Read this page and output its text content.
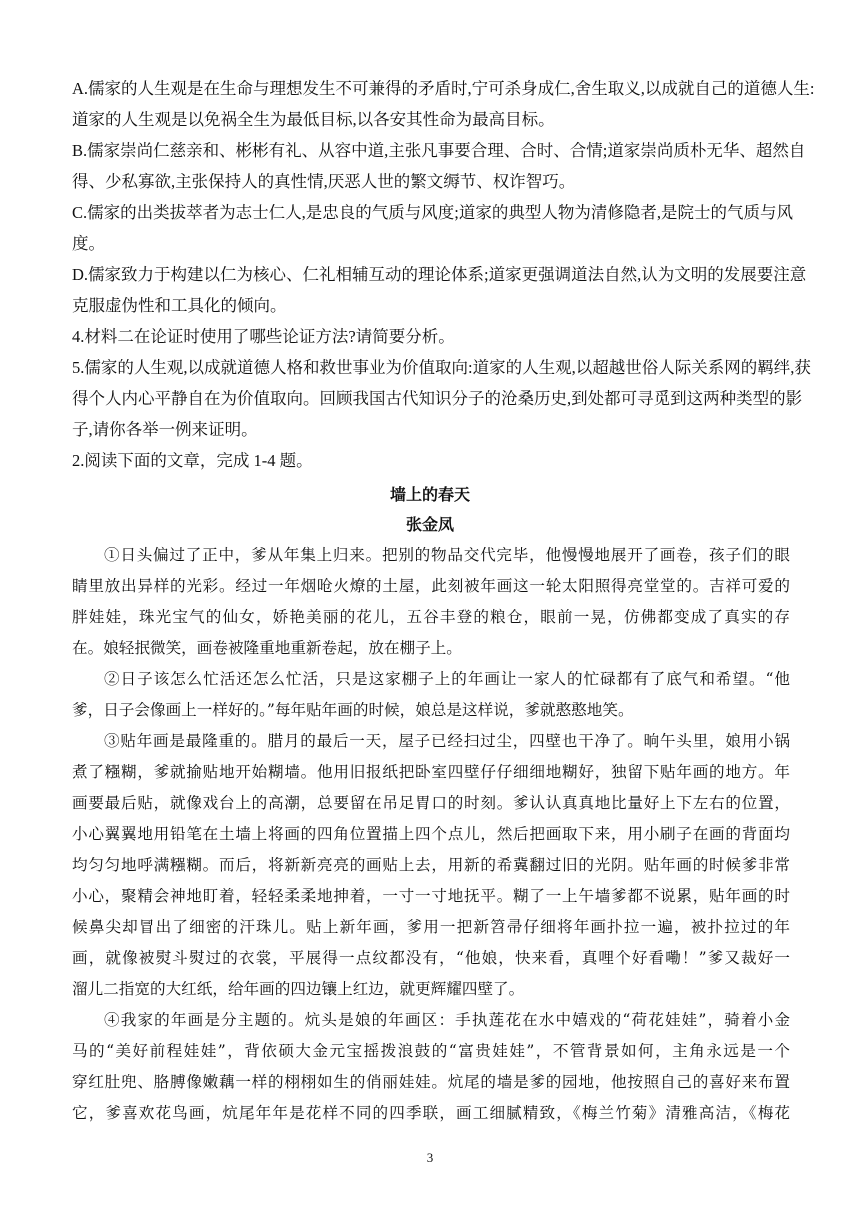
A.儒家的人生观是在生命与理想发生不可兼得的矛盾时,宁可杀身成仁,舍生取义,以成就自己的道德人生:
道家的人生观是以免祸全生为最低目标,以各安其性命为最高目标。
B.儒家崇尚仁慈亲和、彬彬有礼、从容中道,主张凡事要合理、合时、合情;道家崇尚质朴无华、超然自
得、少私寡欲,主张保持人的真性情,厌恶人世的繁文缛节、权诈智巧。
C.儒家的出类拔萃者为志士仁人,是忠良的气质与风度;道家的典型人物为清修隐者,是院士的气质与风
度。
D.儒家致力于构建以仁为核心、仁礼相辅互动的理论体系;道家更强调道法自然,认为文明的发展要注意
克服虚伪性和工具化的倾向。
4.材料二在论证时使用了哪些论证方法?请简要分析。
5.儒家的人生观,以成就道德人格和救世事业为价值取向:道家的人生观,以超越世俗人际关系网的羁绊,获
得个人内心平静自在为价值取向。回顾我国古代知识分子的沧桑历史,到处都可寻觅到这两种类型的影
子,请你各举一例来证明。
2.阅读下面的文章，完成 1-4 题。
墙上的春天
张金凤
①日头偏过了正中，爹从年集上归来。把别的物品交代完毕，他慢慢地展开了画卷，孩子们的眼
睛里放出异样的光彩。经过一年烟呛火燎的土屋，此刻被年画这一轮太阳照得亮堂堂的。吉祥可爱的
胖娃娃，珠光宝气的仙女，娇艳美丽的花儿，五谷丰登的粮仓，眼前一晃，仿佛都变成了真实的存
在。娘轻抿微笑，画卷被隆重地重新卷起，放在棚子上。
②日子该怎么忙活还怎么忙活，只是这家棚子上的年画让一家人的忙碌都有了底气和希望。“他
爹，日子会像画上一样好的。”每年贴年画的时候，娘总是这样说，爹就憨憨地笑。
③贴年画是最隆重的。腊月的最后一天，屋子已经扫过尘，四壁也干净了。晌午头里，娘用小锅
煮了糨糊，爹就揄贴地开始糊墙。他用旧报纸把卧室四壁仔仔细细地糊好，独留下贴年画的地方。年
画要最后贴，就像戏台上的高潮，总要留在吊足胃口的时刻。爹认认真真地比量好上下左右的位置，
小心翼翼地用铅笔在土墙上将画的四角位置描上四个点儿，然后把画取下来，用小刷子在画的背面均
均匀匀地呼满糨糊。而后，将新新亮亮的画贴上去，用新的希冀翻过旧的光阴。贴年画的时候爹非常
小心，聚精会神地盯着，轻轻柔柔地抻着，一寸一寸地抚平。糊了一上午墙爹都不说累，贴年画的时
候鼻尖却冒出了细密的汗珠儿。贴上新年画，爹用一把新笤帚仔细将年画扑拉一遍，被扑拉过的年
画，就像被熨斗熨过的衣裳，平展得一点纹都没有，“他娘，快来看，真哩个好看嘞！”爹又裁好一
溜儿二指宽的大红纸，给年画的四边镶上红边，就更辉耀四壁了。
④我家的年画是分主题的。炕头是娘的年画区：手执莲花在水中嬉戏的“荷花娃娃”，骑着小金
马的“美好前程娃娃”，背依硕大金元宝摇拨浪鼓的“富贵娃娃”，不管背景如何，主角永远是一个
穿红肚兜、胳膊像嫩藕一样的栩栩如生的俏丽娃娃。炕尾的墙是爹的园地，他按照自己的喜好来布置
它，爹喜欢花鸟画，炕尾年年是花样不同的四季联，画工细腻精致，《梅兰竹菊》清雅高洁，《梅花
3
